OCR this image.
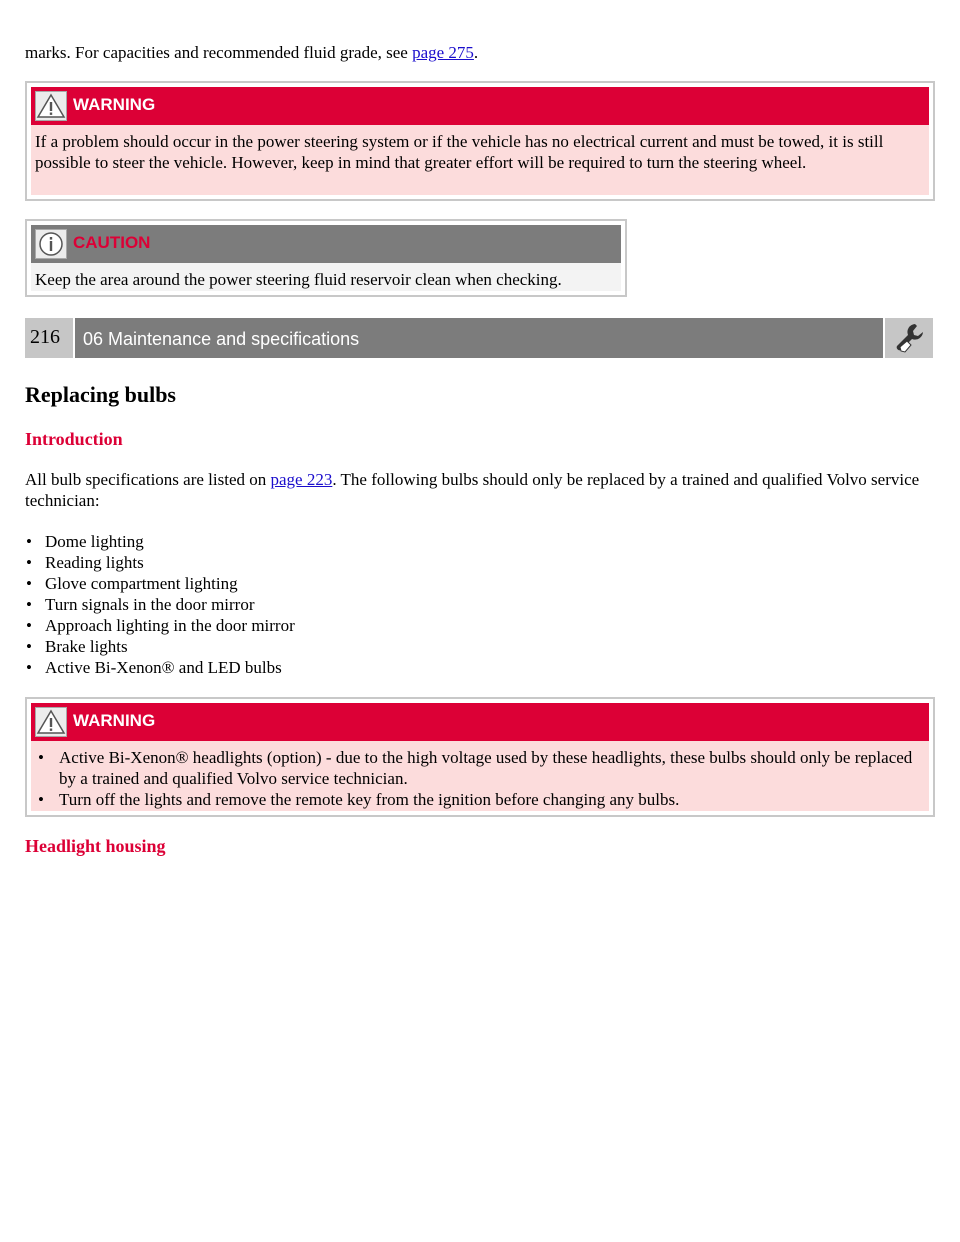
marks. For capacities and recommended fluid grade, see page 275.

WARNING

If a problem should occur in the power steering system or if the vehicle has no electrical current and must be towed, it is still possible to steer the vehicle. However, keep in mind that greater effort will be required to turn the steering wheel.

CAUTION

Keep the area around the power steering fluid reservoir clean when checking.

216	06 Maintenance and specifications
Replacing bulbs
Introduction

All bulb specifications are listed on page 223. The following bulbs should only be replaced by a trained and qualified Volvo service technician:

• Dome lighting
• Reading lights
• Glove compartment lighting
• Turn signals in the door mirror
• Approach lighting in the door mirror
• Brake lights
• Active Bi-Xenon® and LED bulbs
WARNING
• Active Bi-Xenon® headlights (option) - due to the high voltage used by these headlights, these bulbs should only be replaced by a trained and qualified Volvo service technician.
• Turn off the lights and remove the remote key from the ignition before changing any bulbs.
Headlight housing
